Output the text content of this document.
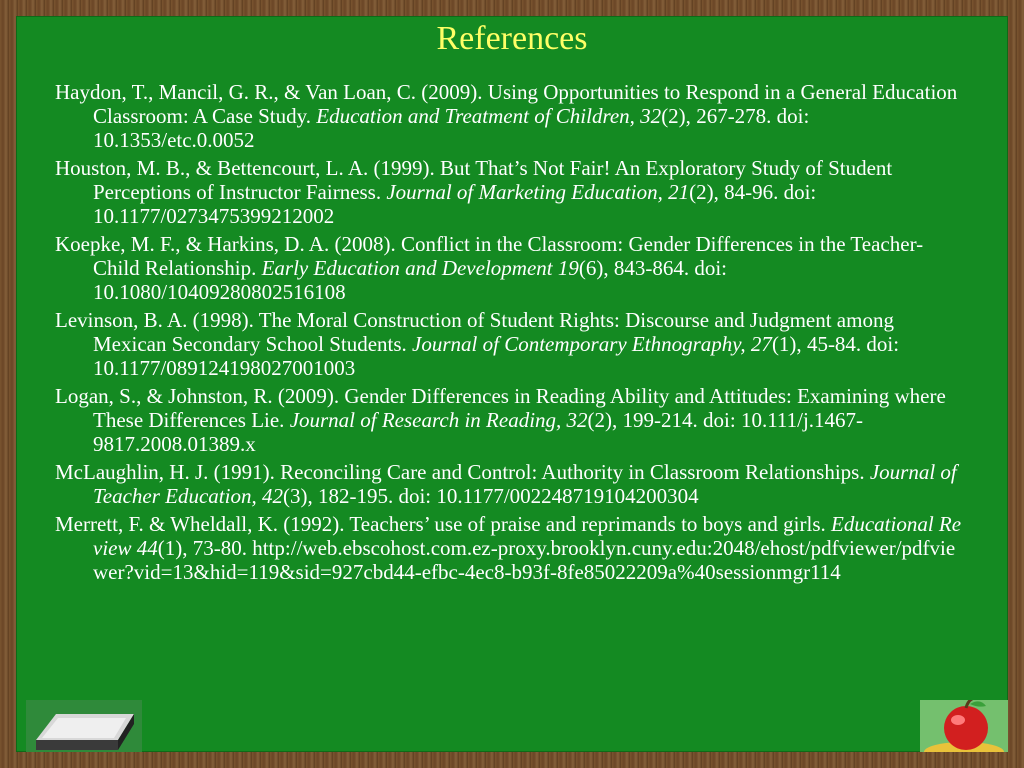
References
Haydon, T., Mancil, G. R., & Van Loan, C. (2009). Using Opportunities to Respond in a General Education Classroom: A Case Study. Education and Treatment of Children, 32(2), 267-278. doi: 10.1353/etc.0.0052
Houston, M. B., & Bettencourt, L. A. (1999). But That’s Not Fair! An Exploratory Study of Student Perceptions of Instructor Fairness. Journal of Marketing Education, 21(2), 84-96. doi: 10.1177/0273475399212002
Koepke, M. F., & Harkins, D. A. (2008). Conflict in the Classroom: Gender Differences in the Teacher-Child Relationship. Early Education and Development 19(6), 843-864. doi: 10.1080/10409280802516108
Levinson, B. A. (1998). The Moral Construction of Student Rights: Discourse and Judgment among Mexican Secondary School Students. Journal of Contemporary Ethnography, 27(1), 45-84. doi: 10.1177/089124198027001003
Logan, S., & Johnston, R. (2009). Gender Differences in Reading Ability and Attitudes: Examining where These Differences Lie. Journal of Research in Reading, 32(2), 199-214. doi: 10.111/j.1467-9817.2008.01389.x
McLaughlin, H. J. (1991). Reconciling Care and Control: Authority in Classroom Relationships. Journal of Teacher Education, 42(3), 182-195. doi: 10.1177/002248719104200304
Merrett, F. & Wheldall, K. (1992). Teachers’ use of praise and reprimands to boys and girls. Educational Review 44(1), 73-80. http://web.ebscohost.com.ez-proxy.brooklyn.cuny.edu:2048/ehost/pdfviewer/pdfviewer?vid=13&hid=119&sid=927cbd44-efbc-4ec8-b93f-8fe85022209a%40sessionmgr114
